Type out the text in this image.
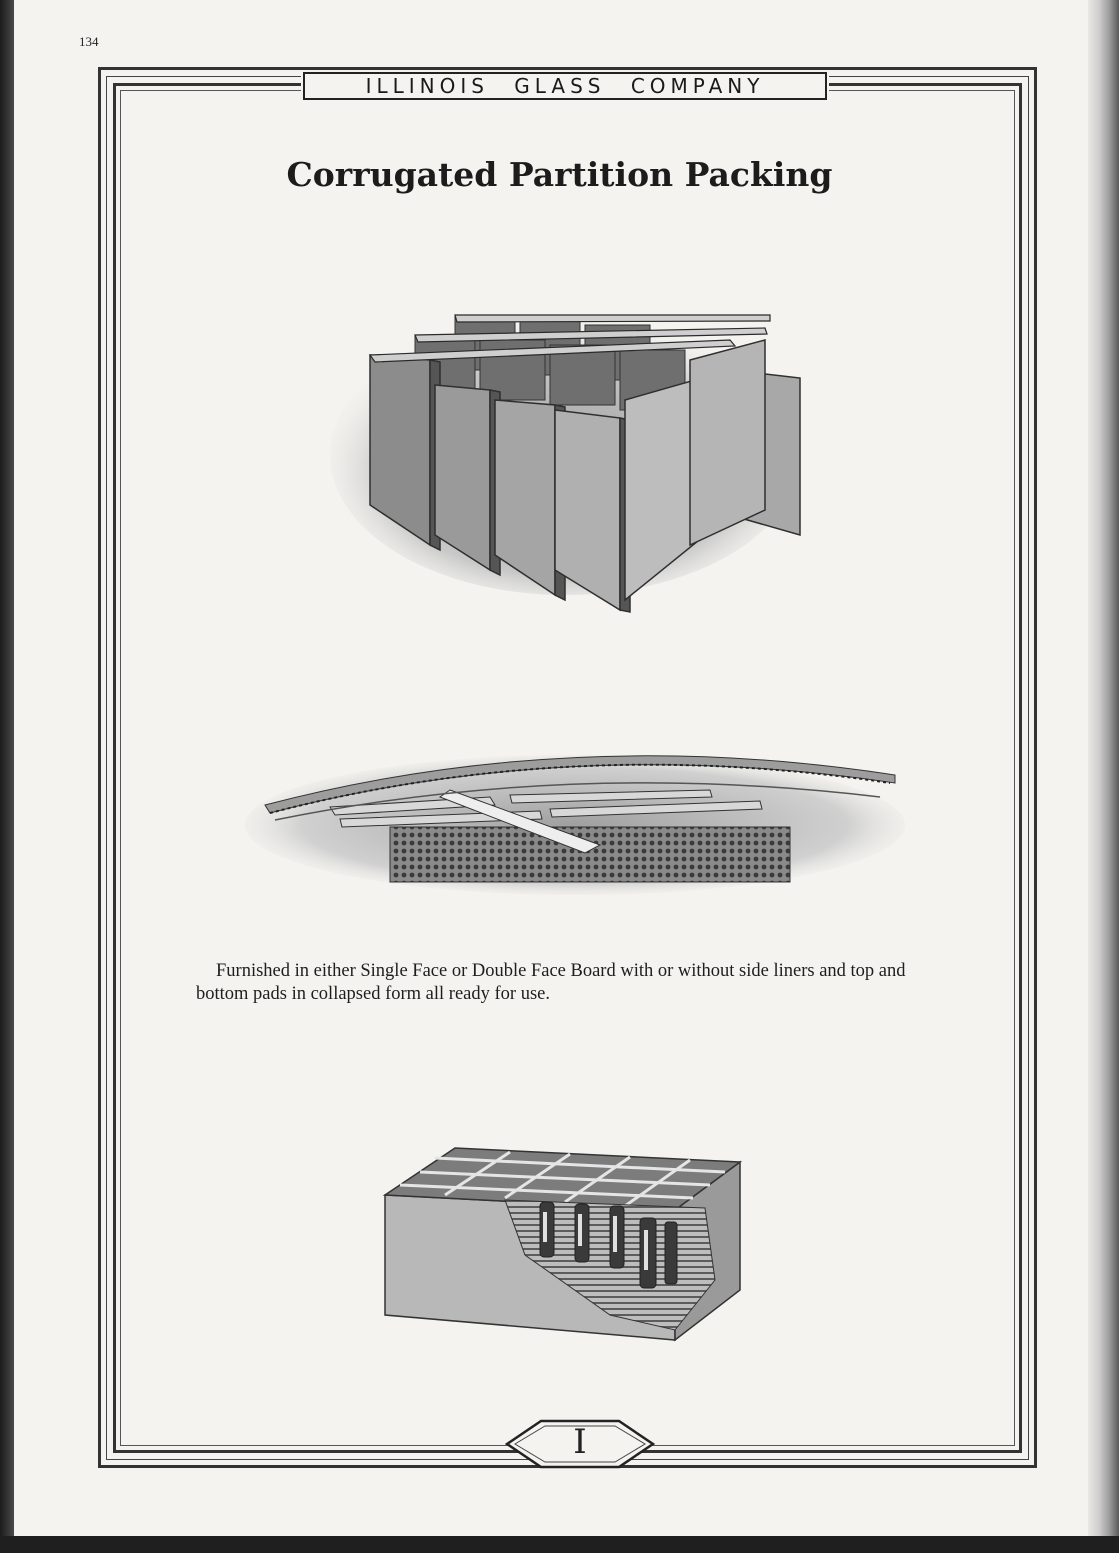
134
ILLINOIS GLASS COMPANY
Corrugated Partition Packing
Furnished in either Single Face or Double Face Board with or without side liners and top and bottom pads in collapsed form all ready for use.
I
